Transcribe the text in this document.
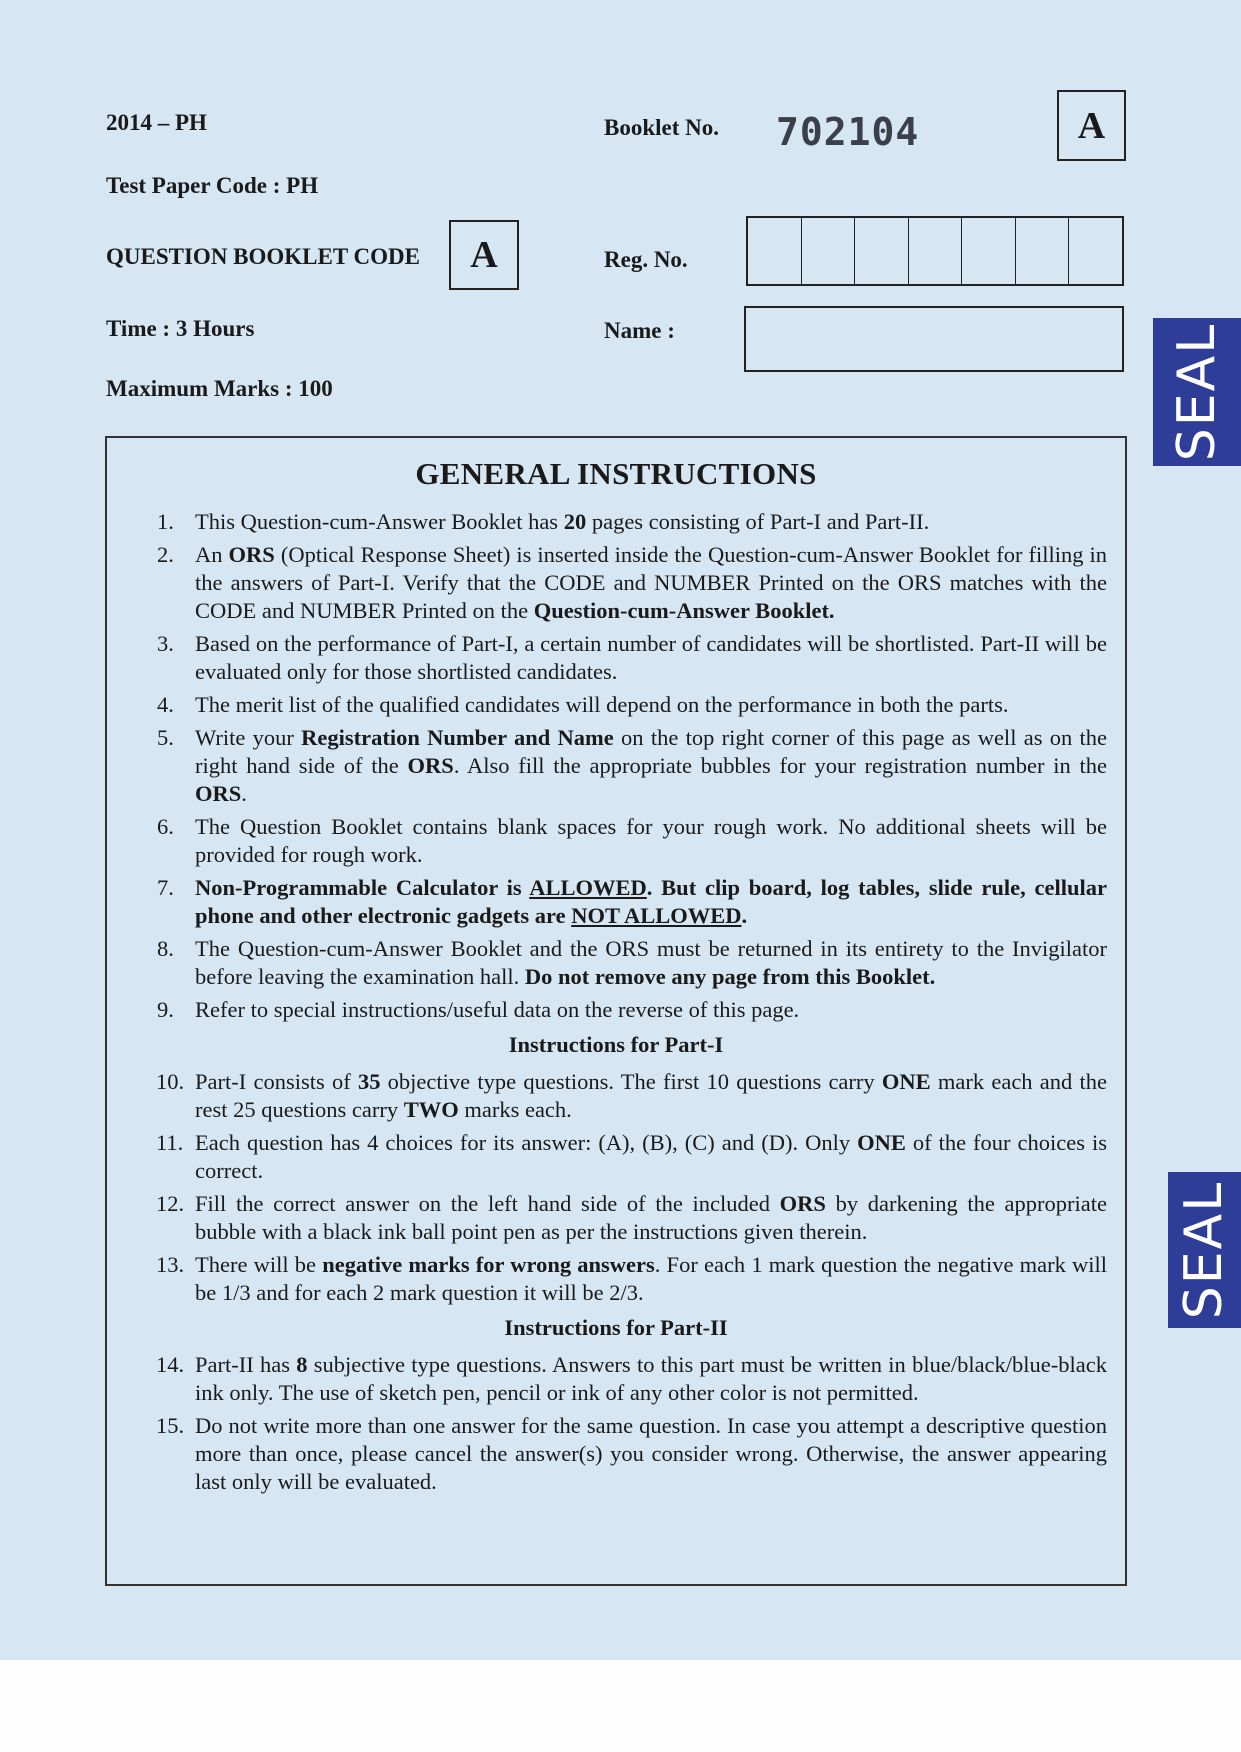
2014 – PH	Booklet No. 702104	A
Test Paper Code : PH
QUESTION BOOKLET CODE A	Reg. No.
Time : 3 Hours	Name :
Maximum Marks : 100	SEAL
SEAL
GENERAL INSTRUCTIONS
1. This Question-cum-Answer Booklet has 20 pages consisting of Part-I and Part-II.
2. An ORS (Optical Response Sheet) is inserted inside the Question-cum-Answer Booklet for filling in the answers of Part-I. Verify that the CODE and NUMBER Printed on the ORS matches with the CODE and NUMBER Printed on the Question-cum-Answer Booklet.
3. Based on the performance of Part-I, a certain number of candidates will be shortlisted. Part-II will be evaluated only for those shortlisted candidates.
4. The merit list of the qualified candidates will depend on the performance in both the parts.
5. Write your Registration Number and Name on the top right corner of this page as well as on the right hand side of the ORS. Also fill the appropriate bubbles for your registration number in the ORS.
6. The Question Booklet contains blank spaces for your rough work. No additional sheets will be provided for rough work.
7. Non-Programmable Calculator is ALLOWED. But clip board, log tables, slide rule, cellular phone and other electronic gadgets are NOT ALLOWED.
8. The Question-cum-Answer Booklet and the ORS must be returned in its entirety to the Invigilator before leaving the examination hall. Do not remove any page from this Booklet.
9. Refer to special instructions/useful data on the reverse of this page.
Instructions for Part-I
10. Part-I consists of 35 objective type questions. The first 10 questions carry ONE mark each and the rest 25 questions carry TWO marks each.
11. Each question has 4 choices for its answer: (A), (B), (C) and (D). Only ONE of the four choices is correct.
12. Fill the correct answer on the left hand side of the included ORS by darkening the appropriate bubble with a black ink ball point pen as per the instructions given therein.
13. There will be negative marks for wrong answers. For each 1 mark question the negative mark will be 1/3 and for each 2 mark question it will be 2/3.
Instructions for Part-II
14. Part-II has 8 subjective type questions. Answers to this part must be written in blue/black/blue-black ink only. The use of sketch pen, pencil or ink of any other color is not permitted.
15. Do not write more than one answer for the same question. In case you attempt a descriptive question more than once, please cancel the answer(s) you consider wrong. Otherwise, the answer appearing last only will be evaluated.
